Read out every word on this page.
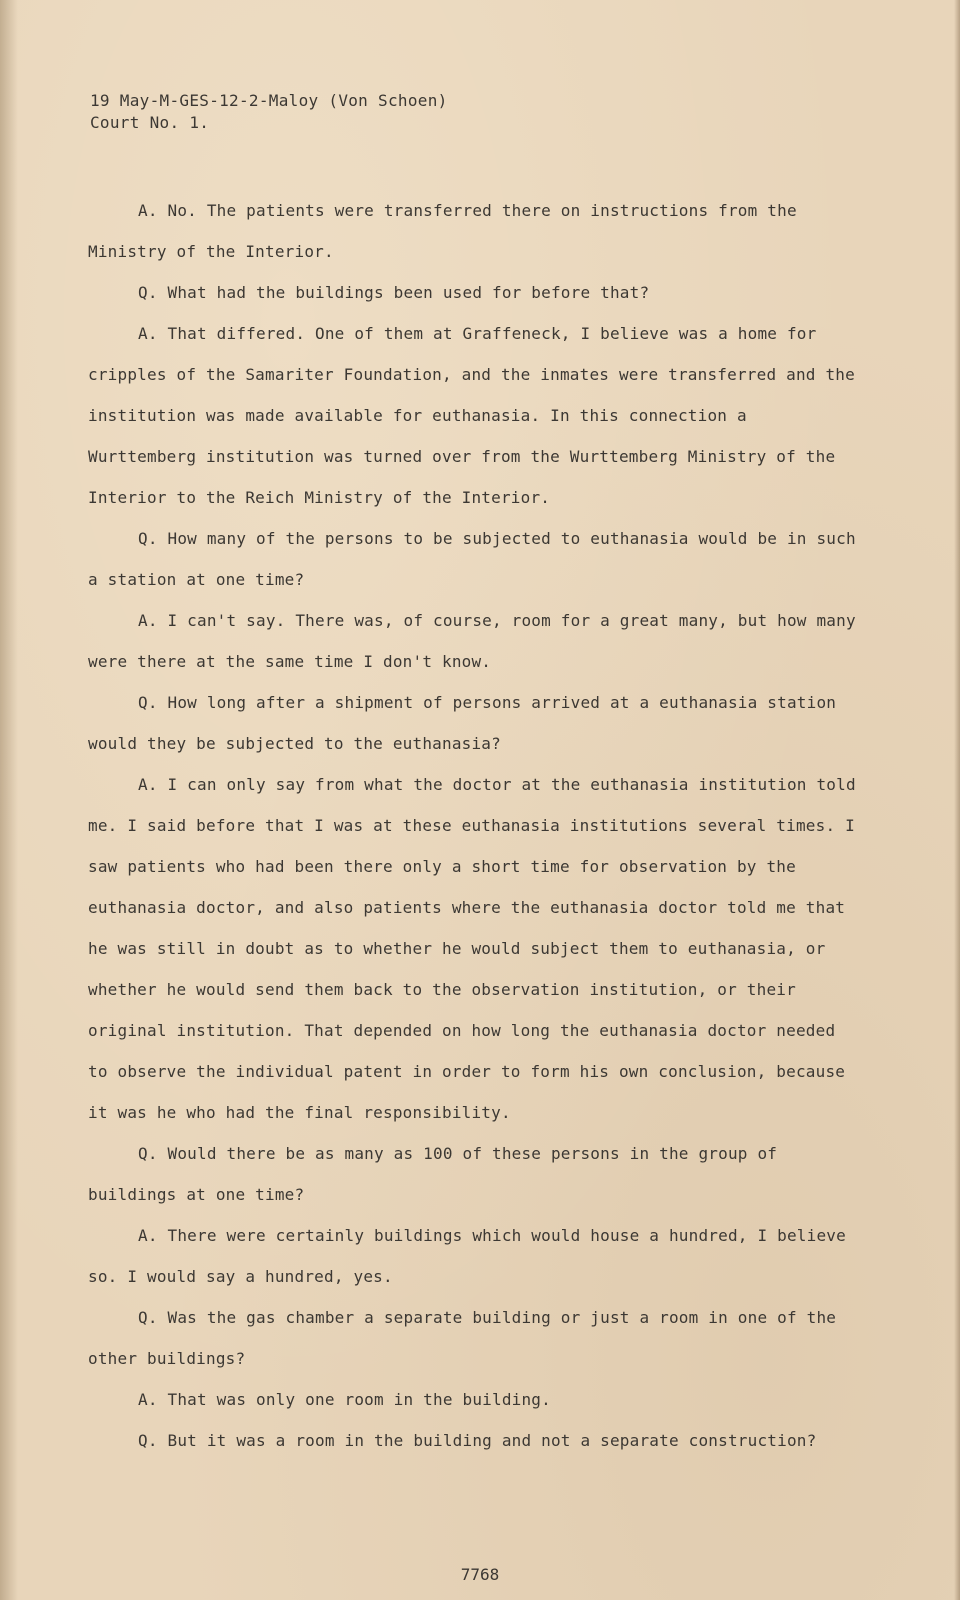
19 May-M-GES-12-2-Maloy (Von Schoen)
Court No. 1.

A. No. The patients were transferred there on instructions from the Ministry of the Interior.

Q. What had the buildings been used for before that?

A. That differed. One of them at Graffeneck, I believe was a home for cripples of the Samariter Foundation, and the inmates were transferred and the institution was made available for euthanasia. In this connection a Wurttemberg institution was turned over from the Wurttemberg Ministry of the Interior to the Reich Ministry of the Interior.

Q. How many of the persons to be subjected to euthanasia would be in such a station at one time?

A. I can't say. There was, of course, room for a great many, but how many were there at the same time I don't know.

Q. How long after a shipment of persons arrived at a euthanasia station would they be subjected to the euthanasia?

A. I can only say from what the doctor at the euthanasia institution told me. I said before that I was at these euthanasia institutions several times. I saw patients who had been there only a short time for observation by the euthanasia doctor, and also patients where the euthanasia doctor told me that he was still in doubt as to whether he would subject them to euthanasia, or whether he would send them back to the observation institution, or their original institution. That depended on how long the euthanasia doctor needed to observe the individual patent in order to form his own conclusion, because it was he who had the final responsibility.

Q. Would there be as many as 100 of these persons in the group of buildings at one time?

A. There were certainly buildings which would house a hundred, I believe so. I would say a hundred, yes.

Q. Was the gas chamber a separate building or just a room in one of the other buildings?

A. That was only one room in the building.

Q. But it was a room in the building and not a separate construction?

7768
